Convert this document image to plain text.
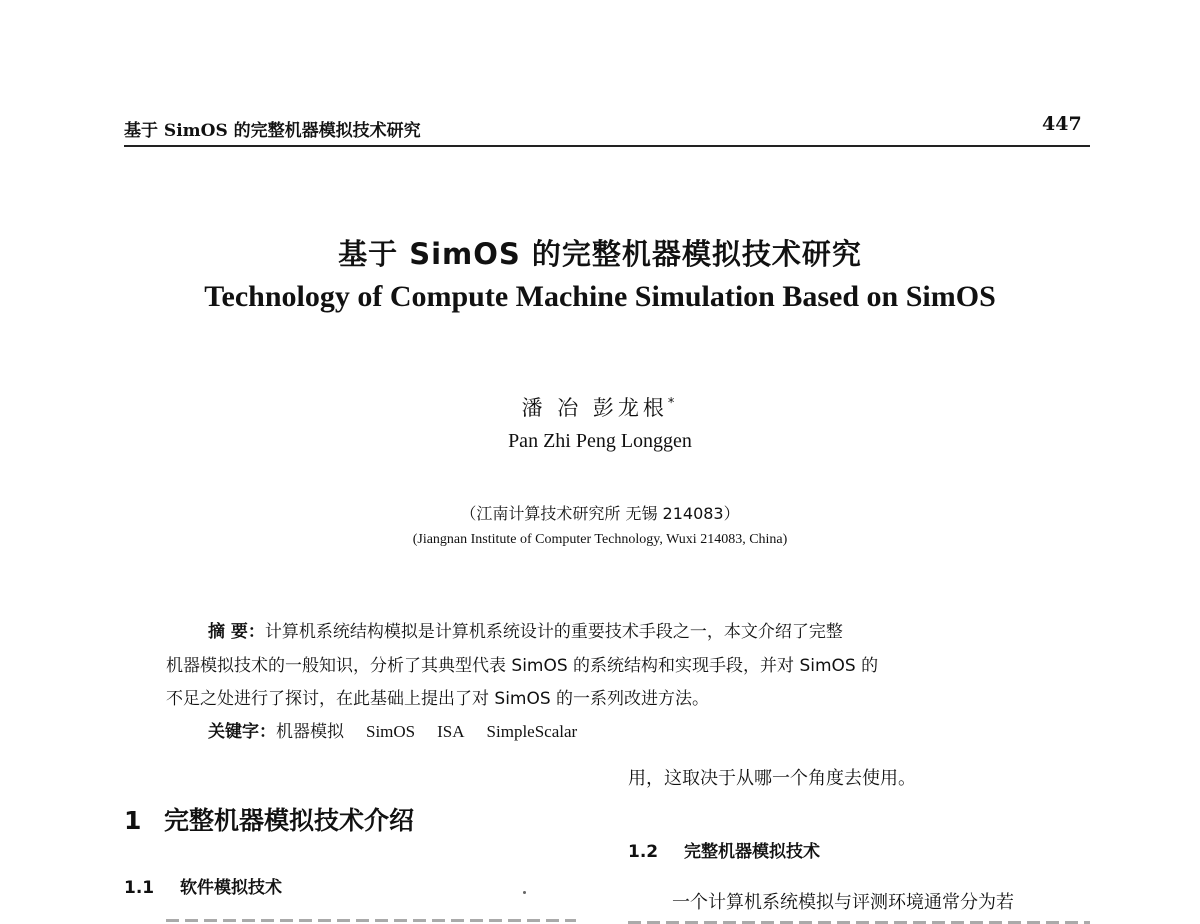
基于 SimOS 的完整机器模拟技术研究	447
基于 SimOS 的完整机器模拟技术研究
Technology of Compute Machine Simulation Based on SimOS
潘 冶 彭龙根*
Pan Zhi Peng Longgen
（江南计算技术研究所 无锡 214083）
(Jiangnan Institute of Computer Technology, Wuxi 214083, China)
摘 要：计算机系统结构模拟是计算机系统设计的重要技术手段之一，本文介绍了完整
机器模拟技术的一般知识，分析了其典型代表 SimOS 的系统结构和实现手段，并对 SimOS 的
不足之处进行了探讨，在此基础上提出了对 SimOS 的一系列改进方法。
关键字：机器模拟 SimOS ISA SimpleScalar
1 完整机器模拟技术介绍
1.1 软件模拟技术
用，这取决于从哪一个角度去使用。
1.2 完整机器模拟技术
一个计算机系统模拟与评测环境通常分为若
